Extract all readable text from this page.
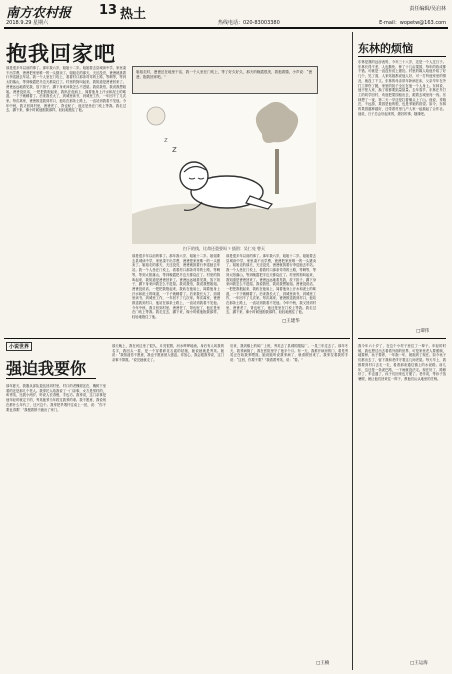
南方农村报 13 热土
2018.9.29 星期六
责任编辑/吴启林
热线电话：020-83003380	E-mail：wopetw@163.com
抱我回家吧
姐姐走时，爸爸还在地里干活，我一个人坐在门坎上，等了好久好久，那天的晚霞很美，我抱着膝，小声说：“爸爸，抱我回家吧。”
z
z
扫下的钱，比命还重要吗 ? 插图：吴仁亮 曾天
那是很多年以前的事了。那年我六岁，姐姐十二岁。姐姐要去县城读中学，家里凑不出学费，爸爸把家里唯一的一头猪卖了。姐姐走的那天，天还没亮，爸爸就挑着行李送她去车站。我一个人坐在门坎上，看着村口那条弯弯的土路，等啊等，等到太阳落山，等到晚霞把半边天都烧红了。村里的狗叫起来，我知道是爸爸回来了。爸爸远远地看见我，放下担子，蹲下身来问我怎么不进屋。我说我怕，我说我想姐姐。爸爸没说话，一把把我抱起来，我趴在他肩上，闻着他身上汗水和泥土的味道，一下子就睡着了。后来我长大了，到城里读书，到城里工作，一年回不了几次家。每次离家，爸爸都送我到村口，他站在那条土路上，一直站到我看不见他。今年中秋，我又回到村里，爸爸老了，背也驼了，他还是坐在门坎上等我。我走过去，蹲下来，像小时候他抱我那样，轻轻地抱住了他。
那是很多年以前的事了。那年我六岁，姐姐十二岁。姐姐要去县城读中学，家里凑不出学费，爸爸把家里唯一的一头猪卖了。姐姐走的那天，天还没亮，爸爸就挑着行李送她去车站。我一个人坐在门坎上，看着村口那条弯弯的土路，等啊等，等到太阳落山，等到晚霞把半边天都烧红了。村里的狗叫起来，我知道是爸爸回来了。爸爸远远地看见我，放下担子，蹲下身来问我怎么不进屋。我说我怕，我说我想姐姐。爸爸没说话，一把把我抱起来，我趴在他肩上，闻着他身上汗水和泥土的味道，一下子就睡着了。后来我长大了，到城里读书，到城里工作，一年回不了几次家。每次离家，爸爸都送我到村口，他站在那条土路上，一直站到我看不见他。今年中秋，我又回到村里，爸爸老了，背也驼了，他还是坐在门坎上等我。我走过去，蹲下来，像小时候他抱我那样，轻轻地抱住了他。
那是很多年以前的事了。那年我六岁，姐姐十二岁。姐姐要去县城读中学，家里凑不出学费，爸爸把家里唯一的一头猪卖了。姐姐走的那天，天还没亮，爸爸就挑着行李送她去车站。我一个人坐在门坎上，看着村口那条弯弯的土路，等啊等，等到太阳落山，等到晚霞把半边天都烧红了。村里的狗叫起来，我知道是爸爸回来了。爸爸远远地看见我，放下担子，蹲下身来问我怎么不进屋。我说我怕，我说我想姐姐。爸爸没说话，一把把我抱起来，我趴在他肩上，闻着他身上汗水和泥土的味道，一下子就睡着了。后来我长大了，到城里读书，到城里工作，一年回不了几次家。每次离家，爸爸都送我到村口，他站在那条土路上，一直站到我看不见他。今年中秋，我又回到村里，爸爸老了，背也驼了，他还是坐在门坎上等我。我走过去，蹲下来，像小时候他抱我那样，轻轻地抱住了他。
□王建华
东林的烦恼
东林是我的远房表哥，今年三十八岁，还是一个人过日子。东林长得不差，人也勤快，种了十几亩果园，每年的收成都不错。可就是一直没有说上媳妇。村里的媒人给他介绍了好几个，见了面，人家姑娘都说他人好，可一打听他家里的情况，就没了下文。东林的母亲常年卧病在床，父亲早年在外打工摔伤了腿，家里的担子全压在他一个人身上。东林说，他不怪人家，换了谁都要掂量掂量。去年春节，东林在外打工的同学回村，劝他把果园租出去，跟着去城里闯一闯。东林想了一夜，第二天一早还是扛着锄头上了山。他说，爹娘在，不远游，果园是他的根，也是爹娘的指望。如今，东林的果园越种越好，还带着村里几户人家一起搞起了合作社。他说，日子总会好起来的，媳妇的事，随缘吧。
□谭伟
小说世界
强迫我要你
那年夏天，我刚从部队退伍回到村里，村口的老槐树还在，槐树下坐着的还是那几个老人。我爹托人给我说了一门亲事，女方是邻村的，叫秀英，比我小两岁，听说人长得俊，手也巧。我爹说，这门亲事是他年轻时就定下的，秀英她爹当年救过我爹的命。我不愿意，我说现在都什么年代了，还兴这个。我爹把旱烟杆往桌上一拍，说：“你不要也得要！”我梗着脖子跑出了家门。
那天晚上，我在河边坐了很久，月亮很圆，河水哗哗地流。身后有人叫我的名字，我回头一看，是一个穿着碎花衣裳的姑娘，她说她就是秀英。她说：“我知道你不愿意，我也不愿意被人强迫。你放心，我会跟我爹说，这门亲事不算数。”说完她就走了。
后来，我到镇上的砖厂上班，秀英去了县城的服装厂。一晃三年过去了。那年冬天，我爹病倒了，我在医院里守了他半个月。有一天，我推开病房的门，看见秀英正在给我爹喂饭。她说她听说我爹病了，就请假回来了。我爹拉着我的手说：“这回，你要不要？”我看着秀英，说：“要。”
□王楠
我今年六十岁了，在这个小村子里住了一辈子。年轻的时候，我也想过出去看看外面的世界，可是家里老人要照顾，地要种，孩子要养，一年拖一年，就拖到了现在。如今孩子们都出去了，留下我和老伴守着这几间老屋。每天早上，我都要到村口去走一走，看看那条通往镇上的水泥路。前几年，这还是一条泥巴路，一下雨就没法走。现在好了，路修好了，车也通了，孩子们回家也方便了。老伴说，等孙子放暑假，就让他们回来住一阵子，教他们认认地里的庄稼。
□王运海
